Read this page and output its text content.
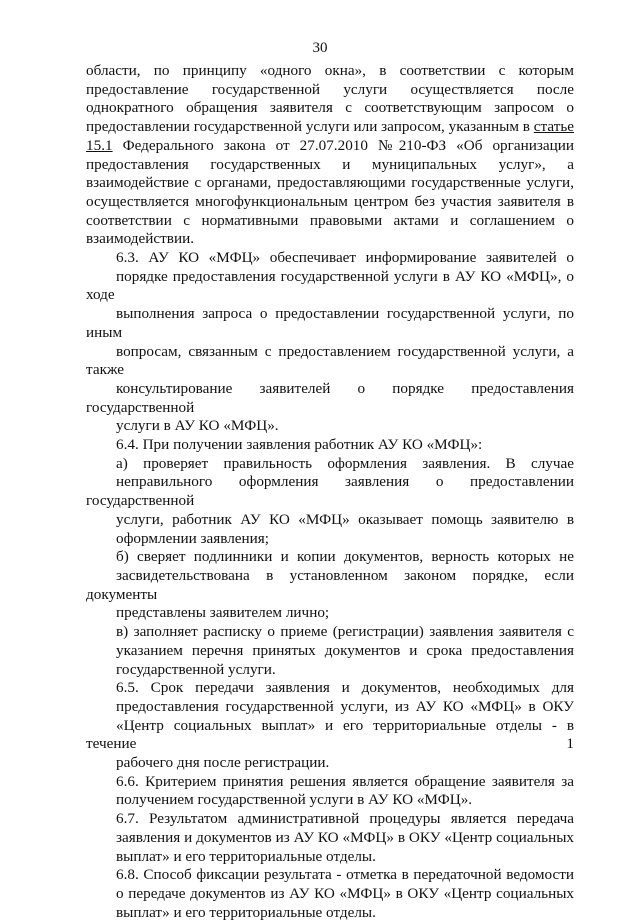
30

области, по принципу «одного окна», в соответствии с которым
предоставление государственной услуги осуществляется после
однократного обращения заявителя с соответствующим запросом о
предоставлении государственной услуги или запросом, указанным в статье
15.1 Федерального закона от 27.07.2010 №210-ФЗ «Об организации
предоставления государственных и муниципальных услуг», а
взаимодействие с органами, предоставляющими государственные услуги,
осуществляется многофункциональным центром без участия заявителя в
соответствии с нормативными правовыми актами и соглашением о
взаимодействии.

6.3. АУ КО «МФЦ» обеспечивает информирование заявителей о
порядке предоставления государственной услуги в АУ КО «МФЦ», о ходе
выполнения запроса о предоставлении государственной услуги, по иным
вопросам, связанным с предоставлением государственной услуги, а также
консультирование заявителей о порядке предоставления государственной
услуги в АУ КО «МФЦ».

6.4. При получении заявления работник АУ КО «МФЦ»:

а) проверяет правильность оформления заявления. В случае
неправильного оформления заявления о предоставлении государственной
услуги, работник АУ КО «МФЦ» оказывает помощь заявителю в
оформлении заявления;

б) сверяет подлинники и копии документов, верность которых не
засвидетельствована в установленном законом порядке, если документы
представлены заявителем лично;

в) заполняет расписку о приеме (регистрации) заявления заявителя с
указанием перечня принятых документов и срока предоставления
государственной услуги.

6.5. Срок передачи заявления и документов, необходимых для
предоставления государственной услуги, из АУ КО «МФЦ» в ОКУ
«Центр социальных выплат» и его территориальные отделы - в течение 1
рабочего дня после регистрации.

6.6. Критерием принятия решения является обращение заявителя за
получением государственной услуги в АУ КО «МФЦ».

6.7. Результатом административной процедуры является передача
заявления и документов из АУ КО «МФЦ» в ОКУ «Центр социальных
выплат» и его территориальные отделы.

6.8. Способ фиксации результата - отметка в передаточной ведомости
о передаче документов из АУ КО «МФЦ» в ОКУ «Центр социальных
выплат» и его территориальные отделы.
